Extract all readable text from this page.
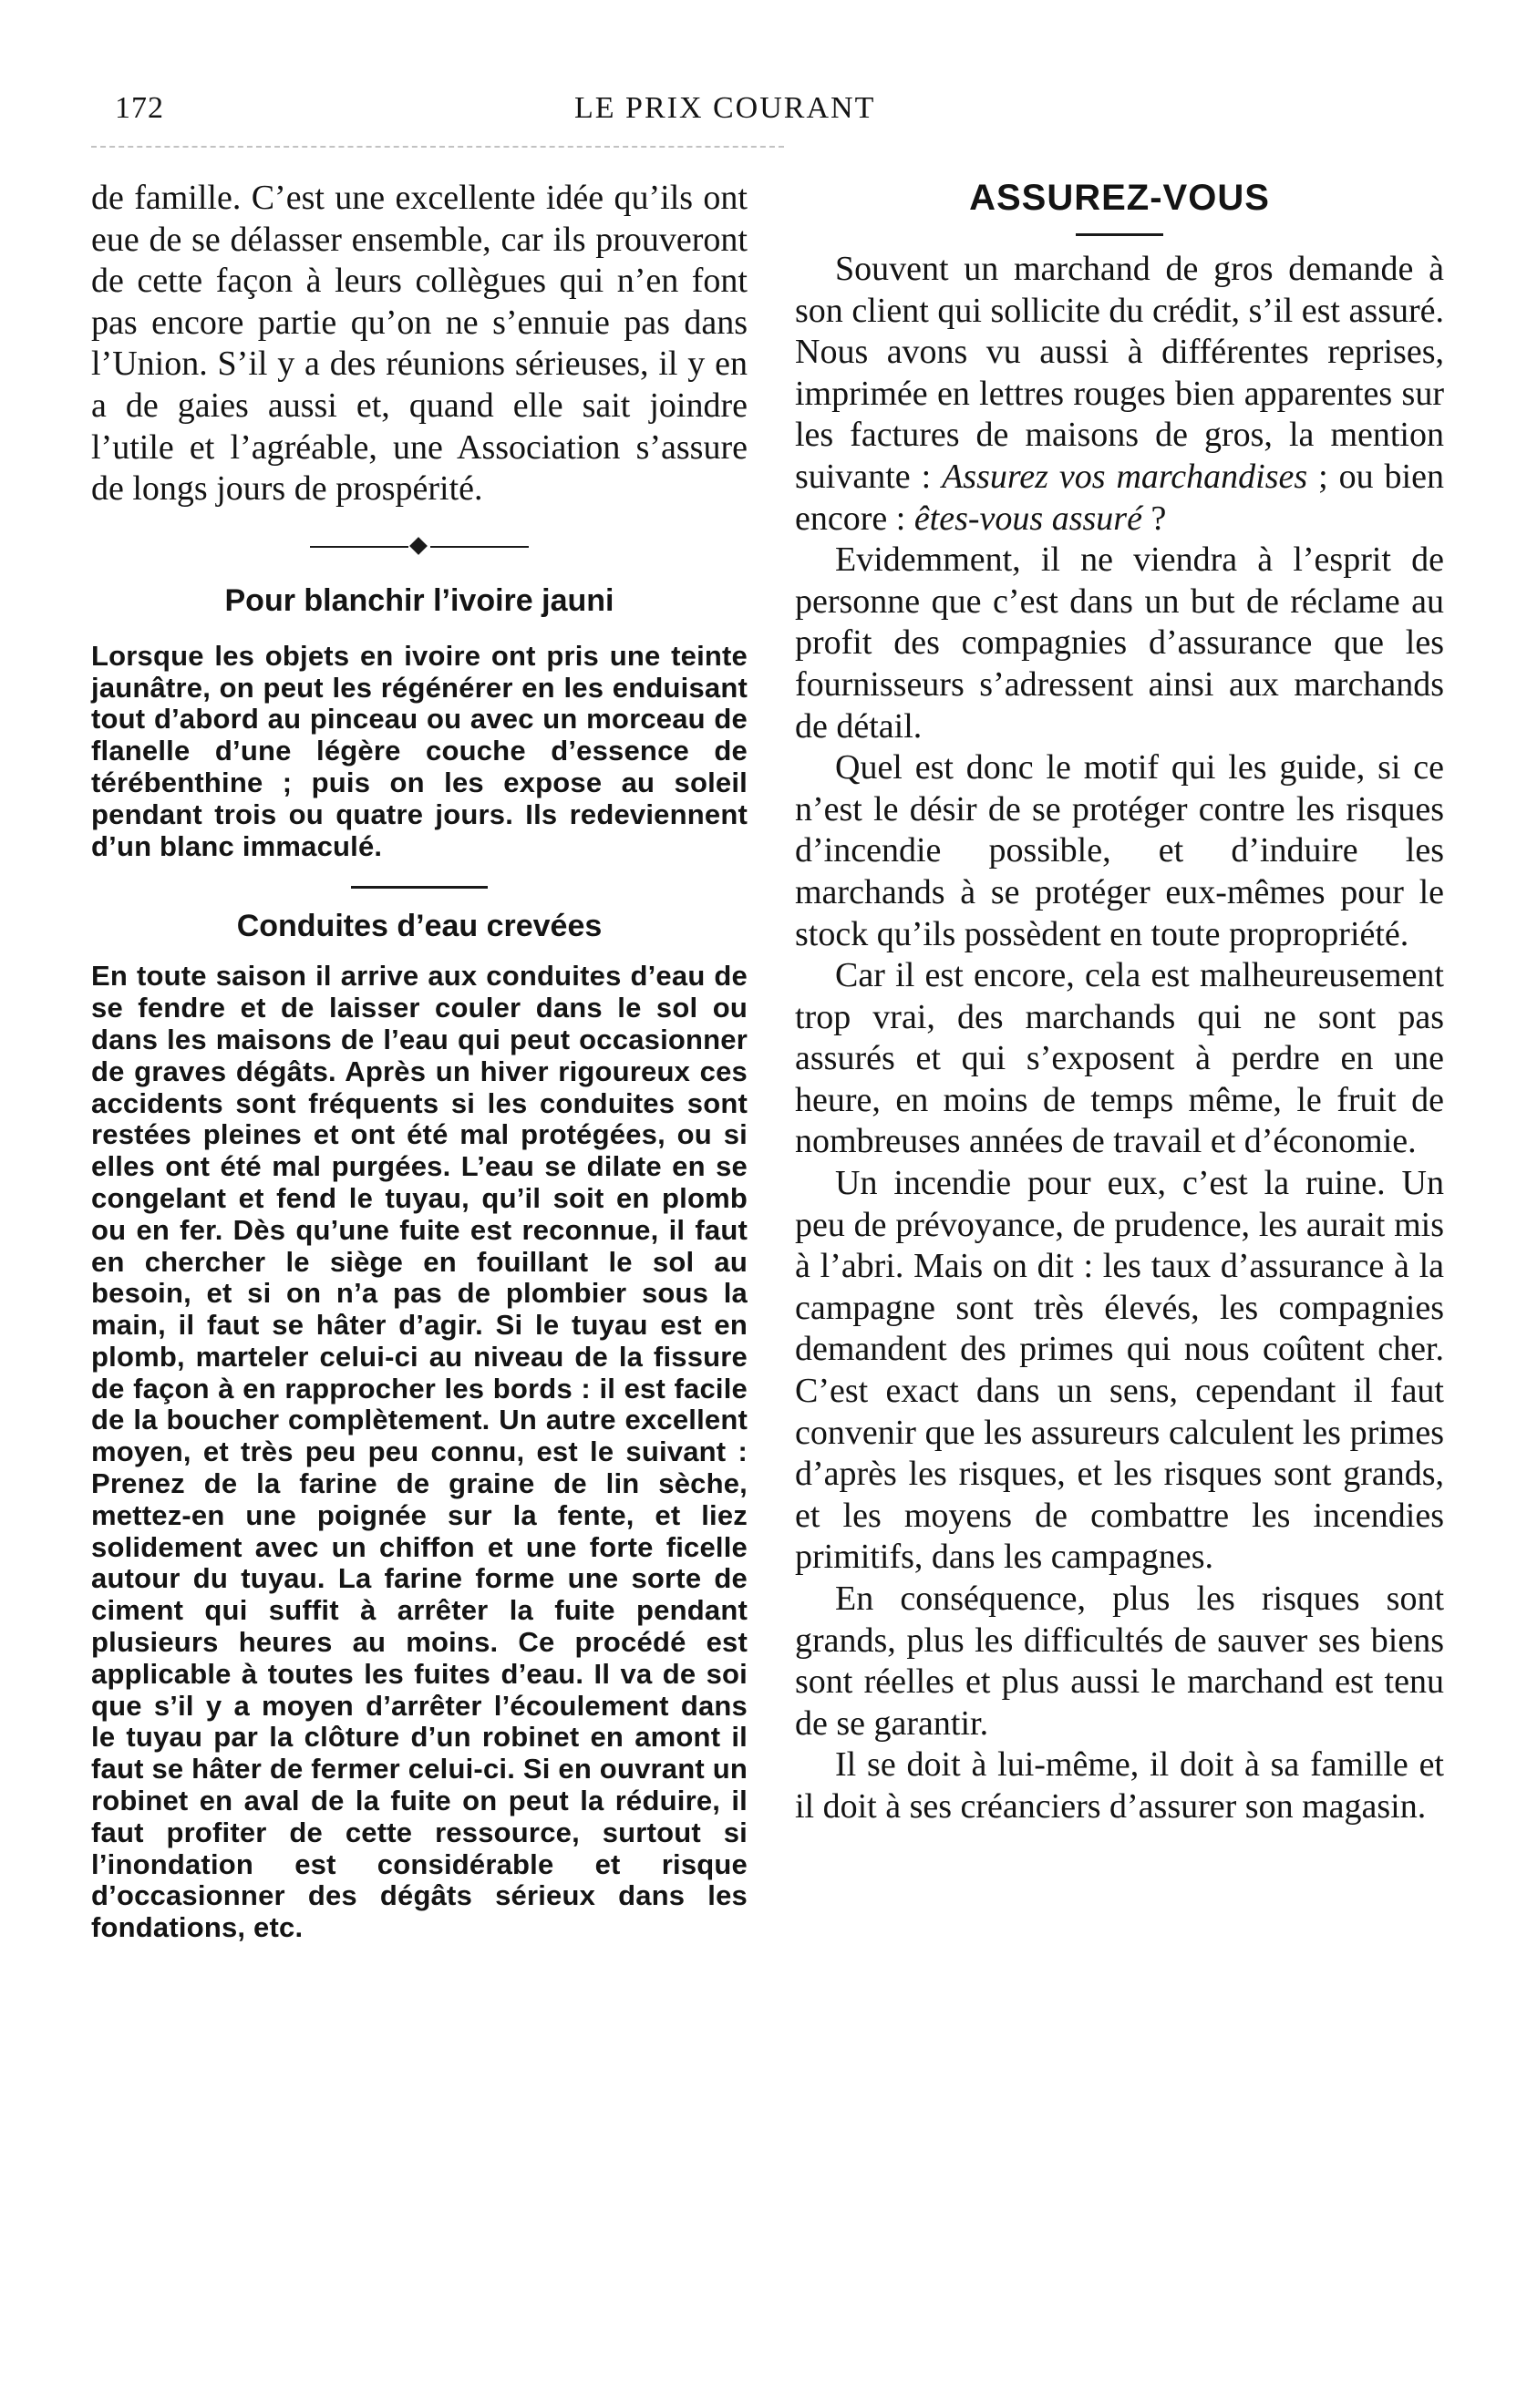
172	LE PRIX COURANT

de famille. C’est une excellente idée qu’ils ont eue de se délasser ensemble, car ils prouveront de cette façon à leurs collègues qui n’en font pas encore partie qu’on ne s’ennuie pas dans l’Union. S’il y a des réunions sérieuses, il y en a de gaies aussi et, quand elle sait joindre l’utile et l’agréable, une Association s’assure de longs jours de prospérité.

Pour blanchir l’ivoire jauni

Lorsque les objets en ivoire ont pris une teinte jaunâtre, on peut les régénérer en les enduisant tout d’abord au pinceau ou avec un morceau de flanelle d’une légère couche d’essence de térébenthine ; puis on les expose au soleil pendant trois ou quatre jours. Ils redeviennent d’un blanc immaculé.

Conduites d’eau crevées

En toute saison il arrive aux conduites d’eau de se fendre et de laisser couler dans le sol ou dans les maisons de l’eau qui peut occasionner de graves dégâts. Après un hiver rigoureux ces accidents sont fréquents si les conduites sont restées pleines et ont été mal protégées, ou si elles ont été mal purgées. L’eau se dilate en se congelant et fend le tuyau, qu’il soit en plomb ou en fer. Dès qu’une fuite est reconnue, il faut en chercher le siège en fouillant le sol au besoin, et si on n’a pas de plombier sous la main, il faut se hâter d’agir. Si le tuyau est en plomb, marteler celui-ci au niveau de la fissure de façon à en rapprocher les bords : il est facile de la boucher complètement. Un autre excellent moyen, et très peu peu connu, est le suivant : Prenez de la farine de graine de lin sèche, mettez-en une poignée sur la fente, et liez solidement avec un chiffon et une forte ficelle autour du tuyau. La farine forme une sorte de ciment qui suffit à arrêter la fuite pendant plusieurs heures au moins. Ce procédé est applicable à toutes les fuites d’eau. Il va de soi que s’il y a moyen d’arrêter l’écoulement dans le tuyau par la clôture d’un robinet en amont il faut se hâter de fermer celui-ci. Si en ouvrant un robinet en aval de la fuite on peut la réduire, il faut profiter de cette ressource, surtout si l’inondation est considérable et risque d’occasionner des dégâts sérieux dans les fondations, etc.

ASSUREZ-VOUS

Souvent un marchand de gros demande à son client qui sollicite du crédit, s’il est assuré. Nous avons vu aussi à différentes reprises, imprimée en lettres rouges bien apparentes sur les factures de maisons de gros, la mention suivante : Assurez vos marchandises ; ou bien encore : êtes-vous assuré ?

Evidemment, il ne viendra à l’esprit de personne que c’est dans un but de réclame au profit des compagnies d’assurance que les fournisseurs s’adressent ainsi aux marchands de détail.

Quel est donc le motif qui les guide, si ce n’est le désir de se protéger contre les risques d’incendie possible, et d’induire les marchands à se protéger eux-mêmes pour le stock qu’ils possèdent en toute propropriété.

Car il est encore, cela est malheureusement trop vrai, des marchands qui ne sont pas assurés et qui s’exposent à perdre en une heure, en moins de temps même, le fruit de nombreuses années de travail et d’économie.

Un incendie pour eux, c’est la ruine. Un peu de prévoyance, de prudence, les aurait mis à l’abri. Mais on dit : les taux d’assurance à la campagne sont très élevés, les compagnies demandent des primes qui nous coûtent cher. C’est exact dans un sens, cependant il faut convenir que les assureurs calculent les primes d’après les risques, et les risques sont grands, et les moyens de combattre les incendies primitifs, dans les campagnes.

En conséquence, plus les risques sont grands, plus les difficultés de sauver ses biens sont réelles et plus aussi le marchand est tenu de se garantir.

Il se doit à lui-même, il doit à sa famille et il doit à ses créanciers d’assurer son magasin.
